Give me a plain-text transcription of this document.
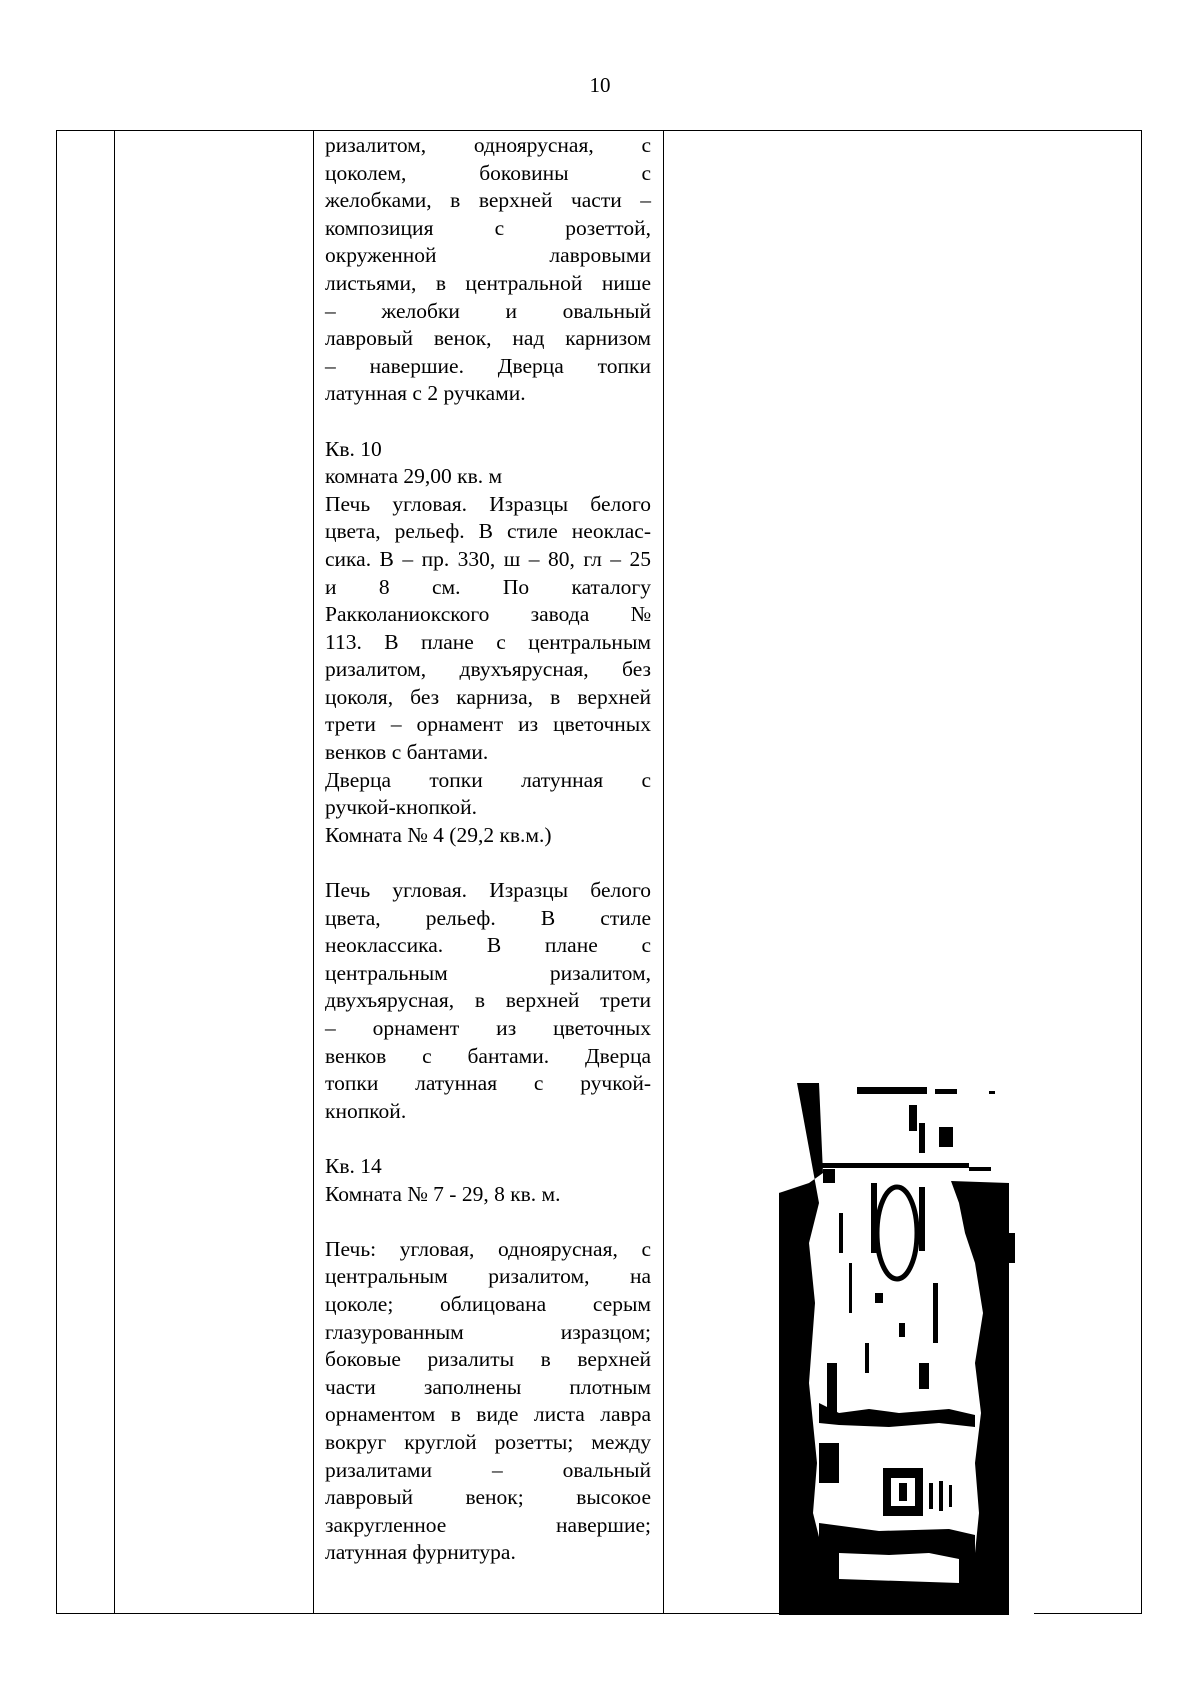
10

ризалитом, одноярусная, с

цоколем, боковины с

желобками, в верхней части –

композиция с розеттой,

окруженной лавровыми

листьями, в центральной нише

– желобки и овальный

лавровый венок, над карнизом

– навершие. Дверца топки

латунная с 2 ручками.

Кв. 10

комната 29,00 кв. м

Печь угловая. Изразцы белого

цвета, рельеф. В стиле неоклас-

сика. В – пр. 330, ш – 80, гл – 25

и 8 см. По каталогу

Ракколаниокского завода №

113. В плане с центральным

ризалитом, двухъярусная, без

цоколя, без карниза, в верхней

трети – орнамент из цветочных

венков с бантами.

Дверца топки латунная с

ручкой-кнопкой.

Комната № 4 (29,2 кв.м.)

Печь угловая. Изразцы белого

цвета, рельеф. В стиле

неоклассика. В плане с

центральным ризалитом,

двухъярусная, в верхней трети

– орнамент из цветочных

венков с бантами. Дверца

топки латунная с ручкой-

кнопкой.

Кв. 14

Комната № 7 - 29, 8 кв. м.

Печь: угловая, одноярусная, с

центральным ризалитом, на

цоколе; облицована серым

глазурованным изразцом;

боковые ризалиты в верхней

части заполнены плотным

орнаментом в виде листа лавра

вокруг круглой розетты; между

ризалитами – овальный

лавровый венок; высокое

закругленное навершие;

латунная фурнитура.
